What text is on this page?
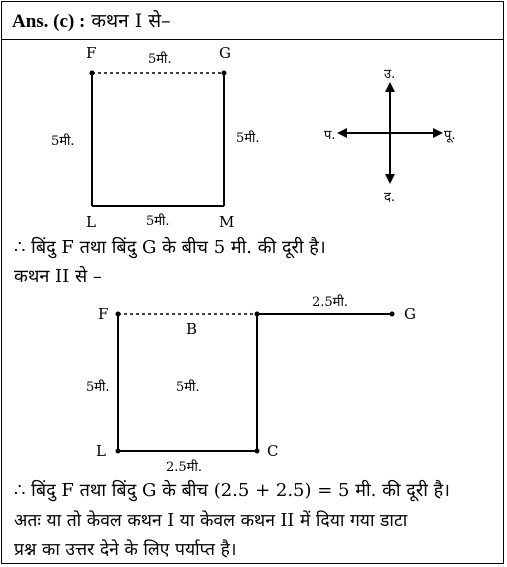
Ans. (c) : कथन I से–
F	G
5मी.
5मी.	5मी.
L	5मी.	M
उ.
द.
पू.
प.
∴ बिंदु F तथा बिंदु G के बीच 5 मी. की दूरी है।
कथन II से –
F
B
G
2.5मी.
5मी.	5मी.
L	C
2.5मी.
∴ बिंदु F तथा बिंदु G के बीच (2.5 + 2.5) = 5 मी. की दूरी है।
अतः या तो केवल कथन I या केवल कथन II में दिया गया डाटा
प्रश्न का उत्तर देने के लिए पर्याप्त है।
